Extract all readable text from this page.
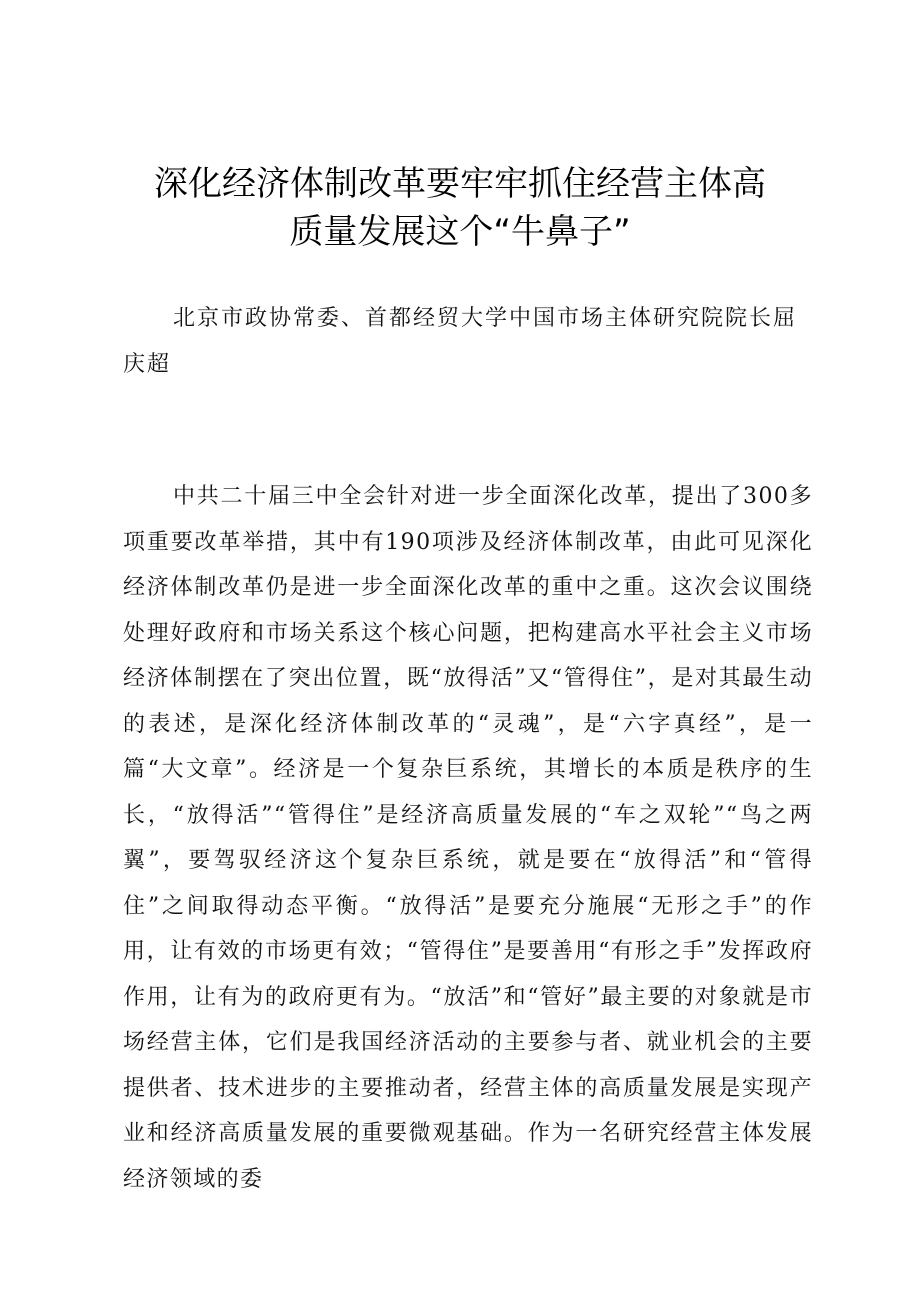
深化经济体制改革要牢牢抓住经营主体高质量发展这个“牛鼻子”

北京市政协常委、首都经贸大学中国市场主体研究院院长屈庆超

中共二十届三中全会针对进一步全面深化改革，提出了300多项重要改革举措，其中有190项涉及经济体制改革，由此可见深化经济体制改革仍是进一步全面深化改革的重中之重。这次会议围绕处理好政府和市场关系这个核心问题，把构建高水平社会主义市场经济体制摆在了突出位置，既“放得活”又“管得住”，是对其最生动的表述，是深化经济体制改革的“灵魂”，是“六字真经”，是一篇“大文章”。经济是一个复杂巨系统，其增长的本质是秩序的生长，“放得活”“管得住”是经济高质量发展的“车之双轮”“鸟之两翼”，要驾驭经济这个复杂巨系统，就是要在“放得活”和“管得住”之间取得动态平衡。“放得活”是要充分施展“无形之手”的作用，让有效的市场更有效；“管得住”是要善用“有形之手”发挥政府作用，让有为的政府更有为。“放活”和“管好”最主要的对象就是市场经营主体，它们是我国经济活动的主要参与者、就业机会的主要提供者、技术进步的主要推动者，经营主体的高质量发展是实现产业和经济高质量发展的重要微观基础。作为一名研究经营主体发展经济领域的委
